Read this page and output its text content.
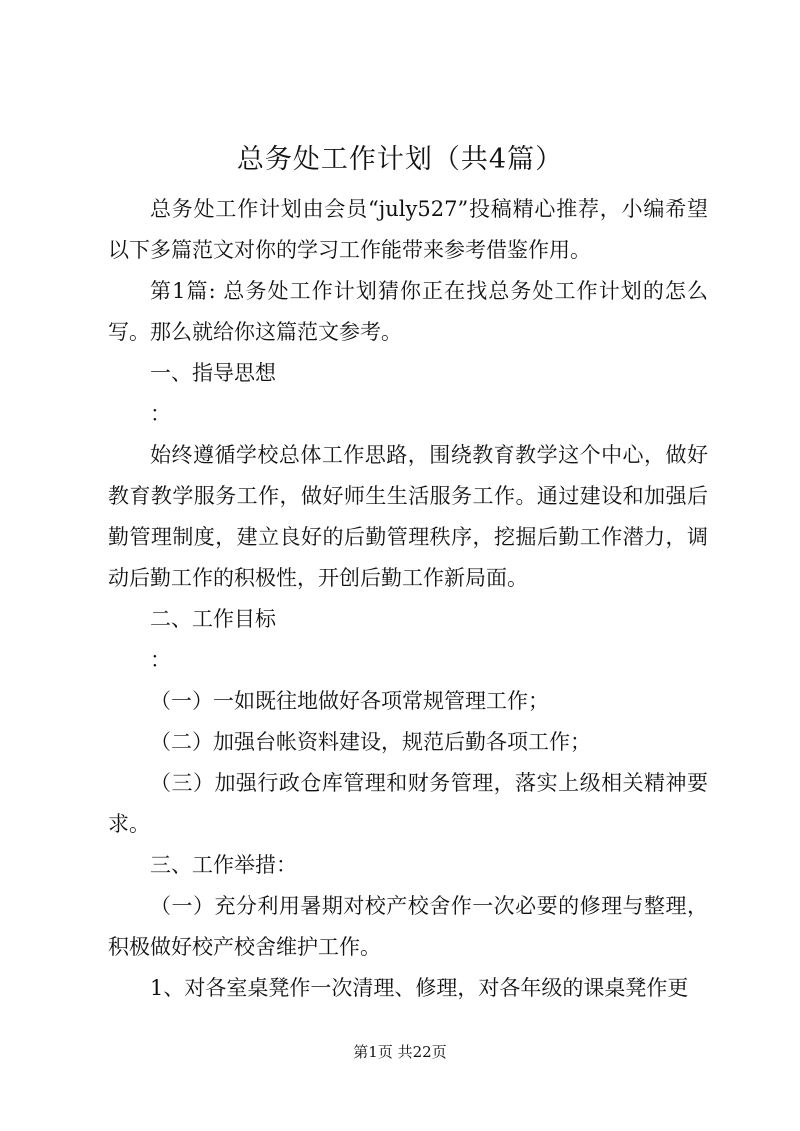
总务处工作计划（共4篇）

总务处工作计划由会员“july527”投稿精心推荐，小编希望以下多篇范文对你的学习工作能带来参考借鉴作用。

第1篇: 总务处工作计划猜你正在找总务处工作计划的怎么写。那么就给你这篇范文参考。

一、指导思想

：

始终遵循学校总体工作思路，围绕教育教学这个中心，做好教育教学服务工作，做好师生生活服务工作。通过建设和加强后勤管理制度，建立良好的后勤管理秩序，挖掘后勤工作潜力，调动后勤工作的积极性，开创后勤工作新局面。

二、工作目标

：

（一）一如既往地做好各项常规管理工作；

（二）加强台帐资料建设，规范后勤各项工作；

（三）加强行政仓库管理和财务管理，落实上级相关精神要求。

三、工作举措：

（一）充分利用暑期对校产校舍作一次必要的修理与整理，积极做好校产校舍维护工作。

1、对各室桌凳作一次清理、修理，对各年级的课桌凳作更

第1页 共22页
